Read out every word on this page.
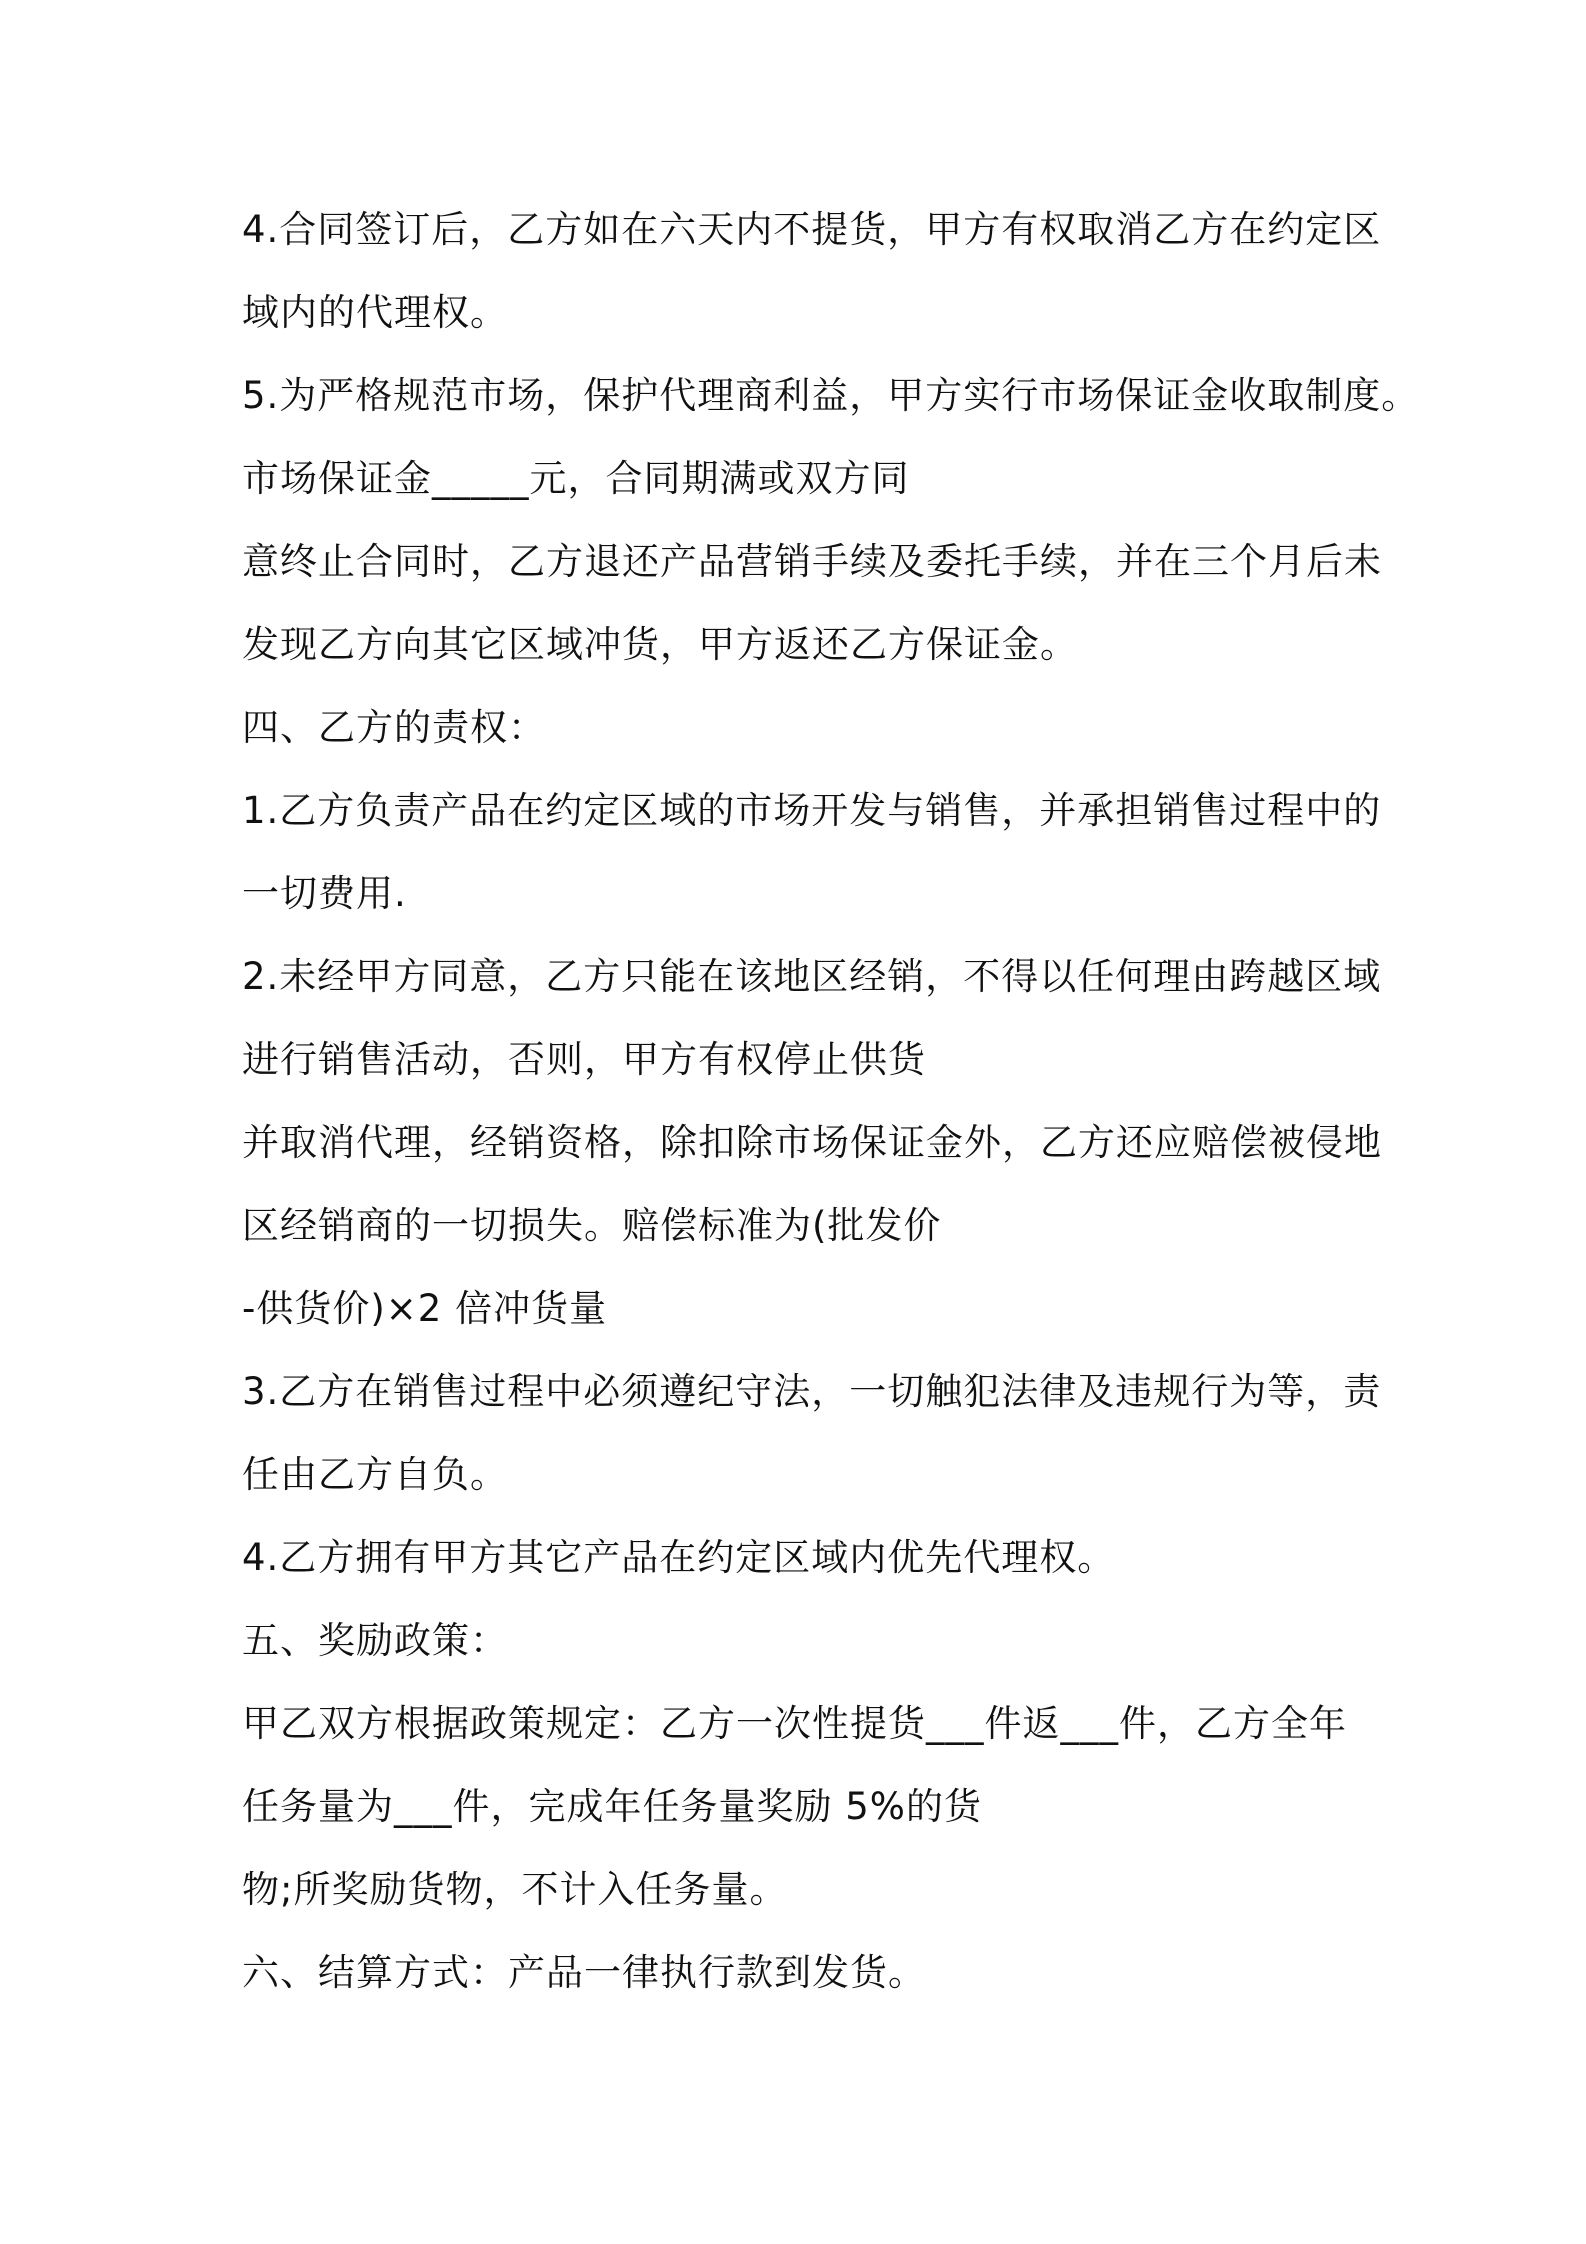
4.合同签订后，乙方如在六天内不提货，甲方有权取消乙方在约定区
域内的代理权。
5.为严格规范市场，保护代理商利益，甲方实行市场保证金收取制度。
市场保证金_____元，合同期满或双方同
意终止合同时，乙方退还产品营销手续及委托手续，并在三个月后未
发现乙方向其它区域冲货，甲方返还乙方保证金。
四、乙方的责权：
1.乙方负责产品在约定区域的市场开发与销售，并承担销售过程中的
一切费用.
2.未经甲方同意，乙方只能在该地区经销，不得以任何理由跨越区域
进行销售活动，否则，甲方有权停止供货
并取消代理，经销资格，除扣除市场保证金外，乙方还应赔偿被侵地
区经销商的一切损失。赔偿标准为(批发价
-供货价)×2 倍冲货量
3.乙方在销售过程中必须遵纪守法，一切触犯法律及违规行为等，责
任由乙方自负。
4.乙方拥有甲方其它产品在约定区域内优先代理权。
五、奖励政策：
甲乙双方根据政策规定：乙方一次性提货___件返___件，乙方全年
任务量为___件，完成年任务量奖励 5%的货
物;所奖励货物，不计入任务量。
六、结算方式：产品一律执行款到发货。
